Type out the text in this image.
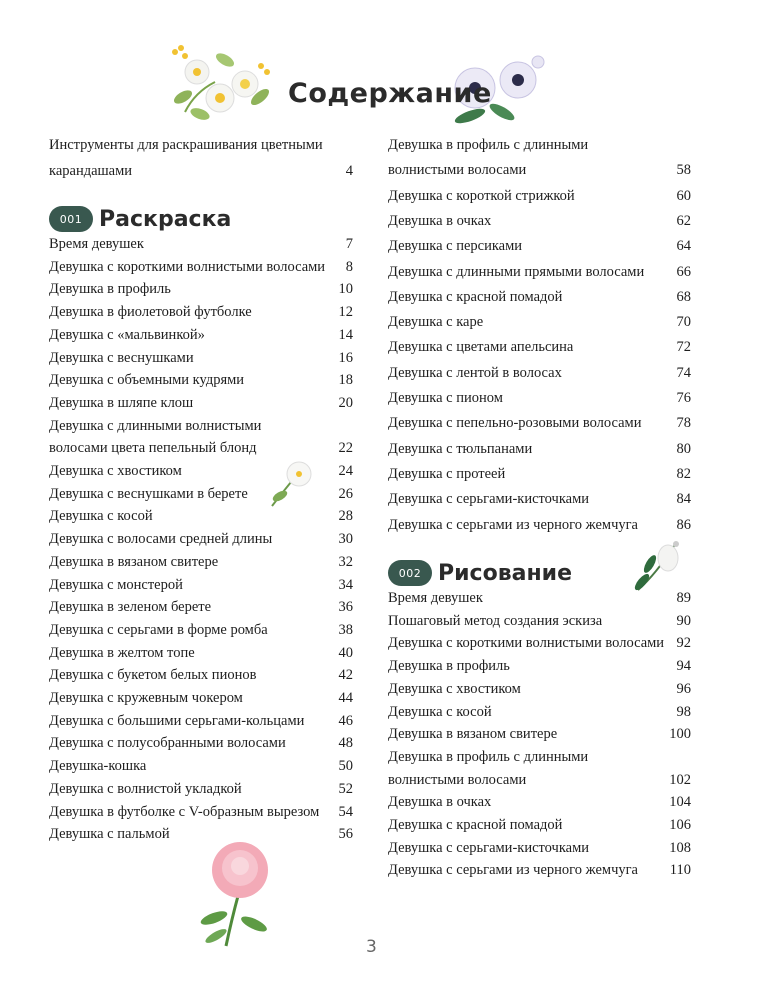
Содержание
Инструменты для раскрашивания цветными
карандашами	4
001 Раскраска
Время девушек	7
Девушка с короткими волнистыми волосами 8
Девушка в профиль	10
Девушка в фиолетовой футболке	12
Девушка с «мальвинкой»	14
Девушка с веснушками	16
Девушка с объемными кудрями	18
Девушка в шляпе клош	20
Девушка с длинными волнистыми
волосами цвета пепельный блонд	22
Девушка с хвостиком	24
Девушка с веснушками в берете	26
Девушка с косой	28
Девушка с волосами средней длины	30
Девушка в вязаном свитере	32
Девушка с монстерой	34
Девушка в зеленом берете	36
Девушка с серьгами в форме ромба	38
Девушка в желтом топе	40
Девушка с букетом белых пионов	42
Девушка с кружевным чокером	44
Девушка с большими серьгами-кольцами 46
Девушка с полусобранными волосами	48
Девушка-кошка	50
Девушка с волнистой укладкой	52
Девушка в футболке с V-образным вырезом 54
Девушка с пальмой	56
Девушка в профиль с длинными
волнистыми волосами	58
Девушка с короткой стрижкой	60
Девушка в очках	62
Девушка с персиками	64
Девушка с длинными прямыми волосами 66
Девушка с красной помадой	68
Девушка с каре	70
Девушка с цветами апельсина	72
Девушка с лентой в волосах	74
Девушка с пионом	76
Девушка с пепельно-розовыми волосами 78
Девушка с тюльпанами	80
Девушка с протеей	82
Девушка с серьгами-кисточками	84
Девушка с серьгами из черного жемчуга	86
002 Рисование
Время девушек	89
Пошаговый метод создания эскиза	90
Девушка с короткими волнистыми волосами 92
Девушка в профиль	94
Девушка с хвостиком	96
Девушка с косой	98
Девушка в вязаном свитере	100
Девушка в профиль с длинными
волнистыми волосами	102
Девушка в очках	104
Девушка с красной помадой	106
Девушка с серьгами-кисточками	108
Девушка с серьгами из черного жемчуга 110
3
